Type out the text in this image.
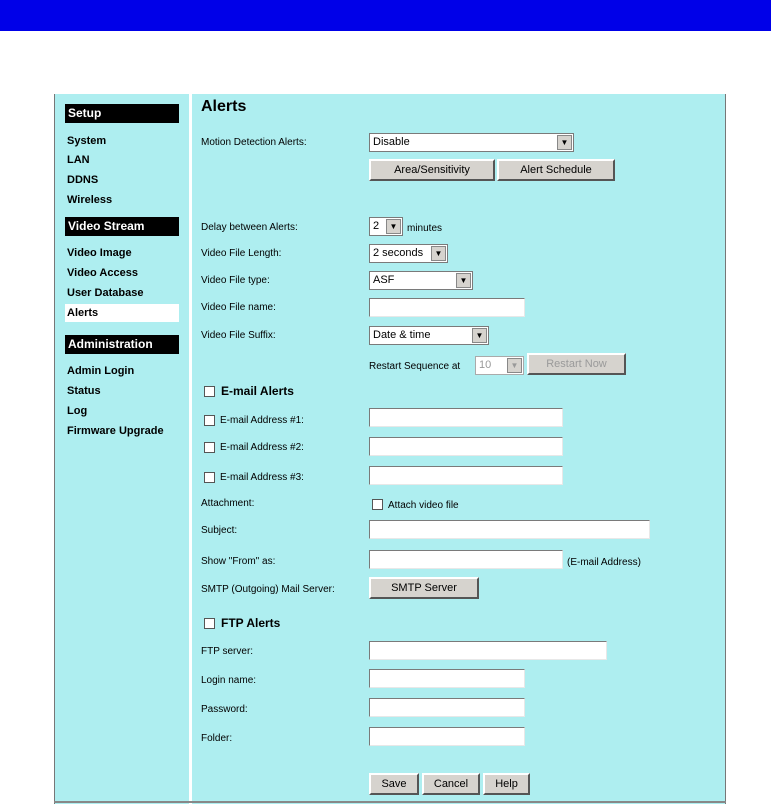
Setup
System
LAN
DDNS
Wireless
Video Stream
Video Image
Video Access
User Database
Alerts
Administration
Admin Login
Status
Log
Firmware Upgrade
Alerts
Motion Detection Alerts:	Disable	▼
Area/Sensitivity	Alert Schedule
Delay between Alerts:	2	▼ minutes
Video File Length:	2 seconds	▼
Video File type:	ASF	▼
Video File name:
Video File Suffix:	Date & time	▼
Restart Sequence at	10	▼	Restart Now
E-mail Alerts
E-mail Address #1:
E-mail Address #2:
E-mail Address #3:
Attachment:	Attach video file
Subject:
Show "From" as:	(E-mail Address)
SMTP (Outgoing) Mail Server:	SMTP Server
FTP Alerts
FTP server:
Login name:
Password:
Folder:
Save	Cancel	Help
